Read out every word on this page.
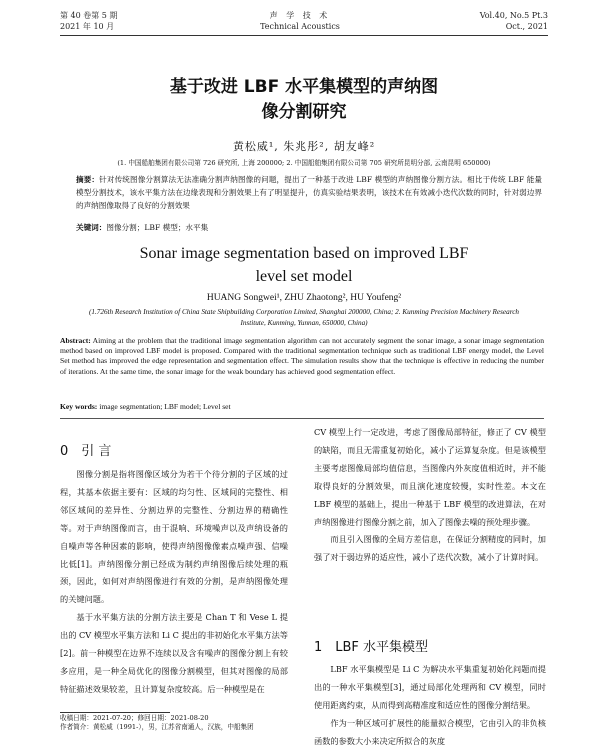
第 40 卷第 5 期
2021 年 10 月
声 学 技 术
Technical Acoustics
Vol.40, No.5 Pt.3
Oct., 2021
基于改进 LBF 水平集模型的声纳图
像分割研究
黄松威¹, 朱兆彤², 胡友峰²
(1. 中国船舶集团有限公司第 726 研究所, 上海 200000; 2. 中国船舶集团有限公司第 705 研究所昆明分部, 云南昆明 650000)
摘要：针对传统图像分割算法无法准确分割声纳图像的问题，提出了一种基于改进 LBF 模型的声纳图像分割方法。相比于传统 LBF 能量模型分割技术，该水平集方法在边缘表现和分割效果上有了明显提升，仿真实验结果表明，该技术在有效减小迭代次数的同时，针对弱边界的声纳图像取得了良好的分割效果
关键词：图像分割；LBF 模型；水平集
Sonar image segmentation based on improved LBF
level set model
HUANG Songwei¹, ZHU Zhaotong², HU Youfeng²
(1.726th Research Institution of China State Shipbuilding Corporation Limited, Shanghai 200000, China; 2. Kunming Precision Machinery Research Institute, Kunming, Yunnan, 650000, China)
Abstract: Aiming at the problem that the traditional image segmentation algorithm can not accurately segment the sonar image, a sonar image segmentation method based on improved LBF model is proposed. Compared with the traditional segmentation technique such as traditional LBF energy model, the Level Set method has improved the edge representation and segmentation effect. The simulation results show that the technique is effective in reducing the number of iterations. At the same time, the sonar image for the weak boundary has achieved good segmentation effect.
Key words: image segmentation; LBF model; Level set
0　引 言

图像分割是指将图像区域分为若干个待分割的子区域的过程，其基本依据主要有：区域的均匀性、区域间的完整性、相邻区域间的差异性、分割边界的完整性、分割边界的精确性等。对于声纳图像而言，由于混响、环境噪声以及声纳设备的自噪声等各种因素的影响，使得声纳图像像素点噪声强、信噪比低[1]。声纳图像分割已经成为制约声纳图像后续处理的瓶颈，因此，如何对声纳图像进行有效的分割，是声纳图像处理的关键问题。

基于水平集方法的分割方法主要是 Chan T 和 Vese L 提出的 CV 模型水平集方法和 Li C 提出的非初始化水平集方法等[2]。前一种模型在边界不连续以及含有噪声的图像分割上有较多应用，是一种全局优化的图像分割模型，但其对图像的局部特征描述效果较差，且计算复杂度较高。后一种模型是在

收稿日期：2021-07-20；修回日期：2021-08-20
作者简介：黄松威（1991-），男，江苏省南通人，汉族，中船集团

CV 模型上行一定改进，考虑了图像局部特征，修正了 CV 模型的缺陷，而且无需重复初始化，减小了运算复杂度。但是该模型主要考虑图像局部均值信息，当图像内外灰度值相近时，并不能取得良好的分割效果，而且演化速度较慢，实时性差。本文在 LBF 模型的基础上，提出一种基于 LBF 模型的改进算法，在对声纳图像进行图像分割之前，加入了图像去噪的预处理步骤。

而且引入图像的全局方差信息，在保证分割精度的同时，加强了对于弱边界的适应性，减小了迭代次数，减小了计算时间。

1　LBF 水平集模型

LBF 水平集模型是 Li C 为解决水平集重复初始化问题而提出的一种水平集模型[3]，通过局部化处理两和 CV 模型，同时使用距离约束，从而得到高精准度和适应性的图像分割结果。

作为一种区域可扩展性的能量拟合模型，它由引入的非负核函数的参数大小来决定所拟合的灰度
